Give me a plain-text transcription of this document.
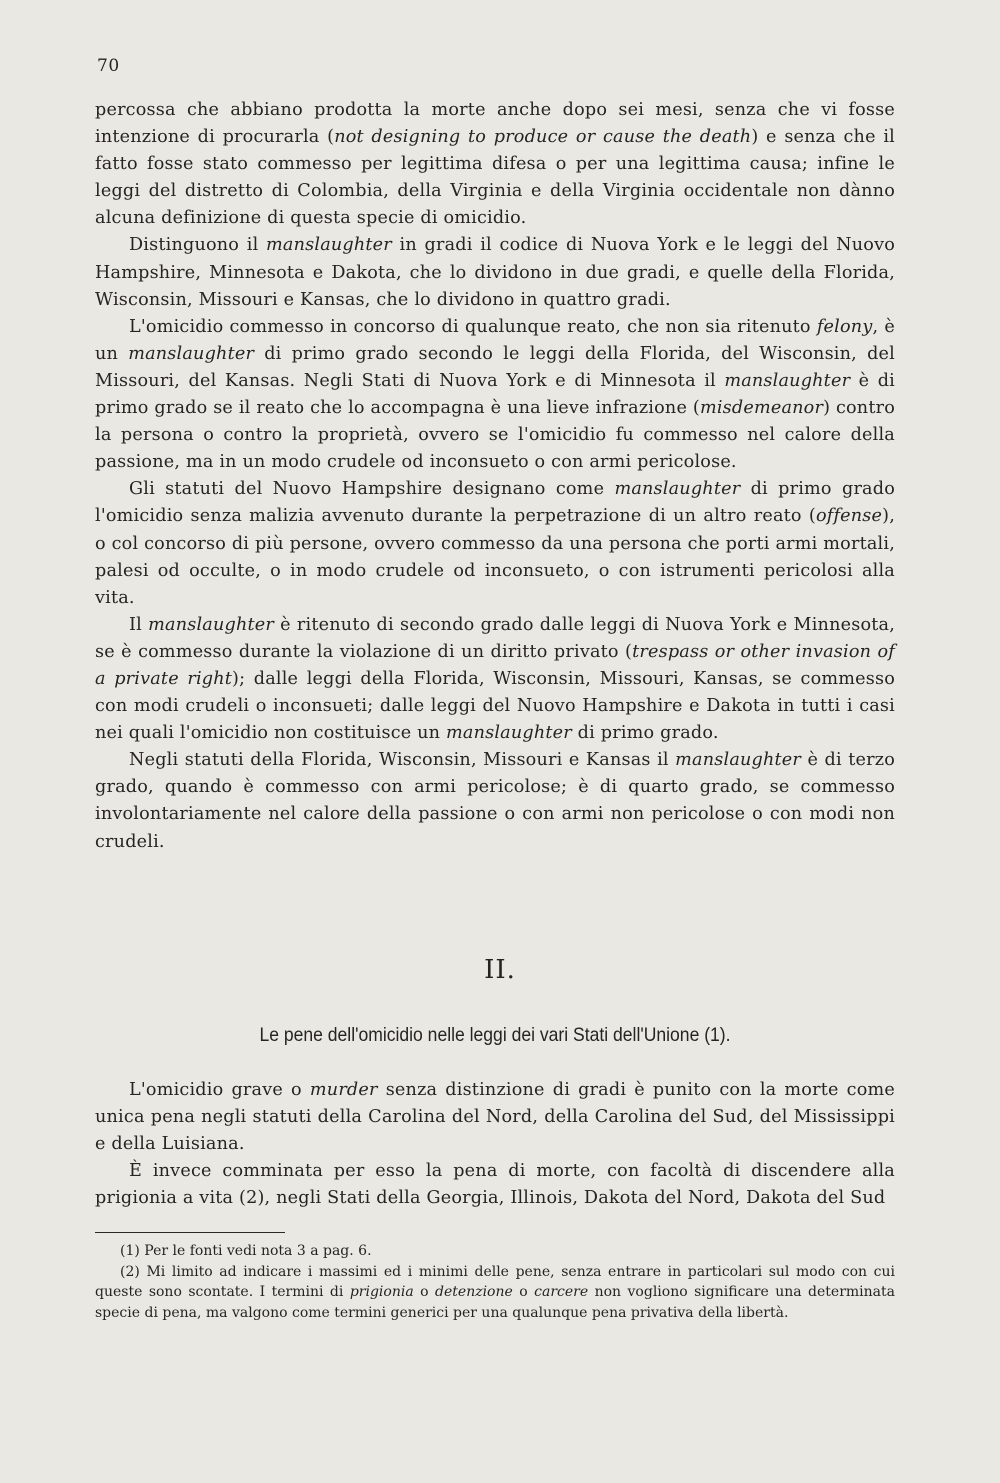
70

percossa che abbiano prodotta la morte anche dopo sei mesi, senza che vi fosse intenzione di procurarla (not designing to produce or cause the death) e senza che il fatto fosse stato commesso per legittima difesa o per una legittima causa; infine le leggi del distretto di Colombia, della Virginia e della Virginia occidentale non dànno alcuna definizione di questa specie di omicidio.

Distinguono il manslaughter in gradi il codice di Nuova York e le leggi del Nuovo Hampshire, Minnesota e Dakota, che lo dividono in due gradi, e quelle della Florida, Wisconsin, Missouri e Kansas, che lo dividono in quattro gradi.

L'omicidio commesso in concorso di qualunque reato, che non sia ritenuto felony, è un manslaughter di primo grado secondo le leggi della Florida, del Wisconsin, del Missouri, del Kansas. Negli Stati di Nuova York e di Minnesota il manslaughter è di primo grado se il reato che lo accompagna è una lieve infrazione (misdemeanor) contro la persona o contro la proprietà, ovvero se l'omicidio fu commesso nel calore della passione, ma in un modo crudele od inconsueto o con armi pericolose.

Gli statuti del Nuovo Hampshire designano come manslaughter di primo grado l'omicidio senza malizia avvenuto durante la perpetrazione di un altro reato (offense), o col concorso di più persone, ovvero commesso da una persona che porti armi mortali, palesi od occulte, o in modo crudele od inconsueto, o con istrumenti pericolosi alla vita.

Il manslaughter è ritenuto di secondo grado dalle leggi di Nuova York e Minnesota, se è commesso durante la violazione di un diritto privato (trespass or other invasion of a private right); dalle leggi della Florida, Wisconsin, Missouri, Kansas, se commesso con modi crudeli o inconsueti; dalle leggi del Nuovo Hampshire e Dakota in tutti i casi nei quali l'omicidio non costituisce un manslaughter di primo grado.

Negli statuti della Florida, Wisconsin, Missouri e Kansas il manslaughter è di terzo grado, quando è commesso con armi pericolose; è di quarto grado, se commesso involontariamente nel calore della passione o con armi non pericolose o con modi non crudeli.

II.
Le pene dell'omicidio nelle leggi dei vari Stati dell'Unione (1).

L'omicidio grave o murder senza distinzione di gradi è punito con la morte come unica pena negli statuti della Carolina del Nord, della Carolina del Sud, del Mississippi e della Luisiana.

È invece comminata per esso la pena di morte, con facoltà di discendere alla prigionia a vita (2), negli Stati della Georgia, Illinois, Dakota del Nord, Dakota del Sud

(1) Per le fonti vedi nota 3 a pag. 6.

(2) Mi limito ad indicare i massimi ed i minimi delle pene, senza entrare in particolari sul modo con cui queste sono scontate. I termini di prigionia o detenzione o carcere non vogliono significare una determinata specie di pena, ma valgono come termini generici per una qualunque pena privativa della libertà.
